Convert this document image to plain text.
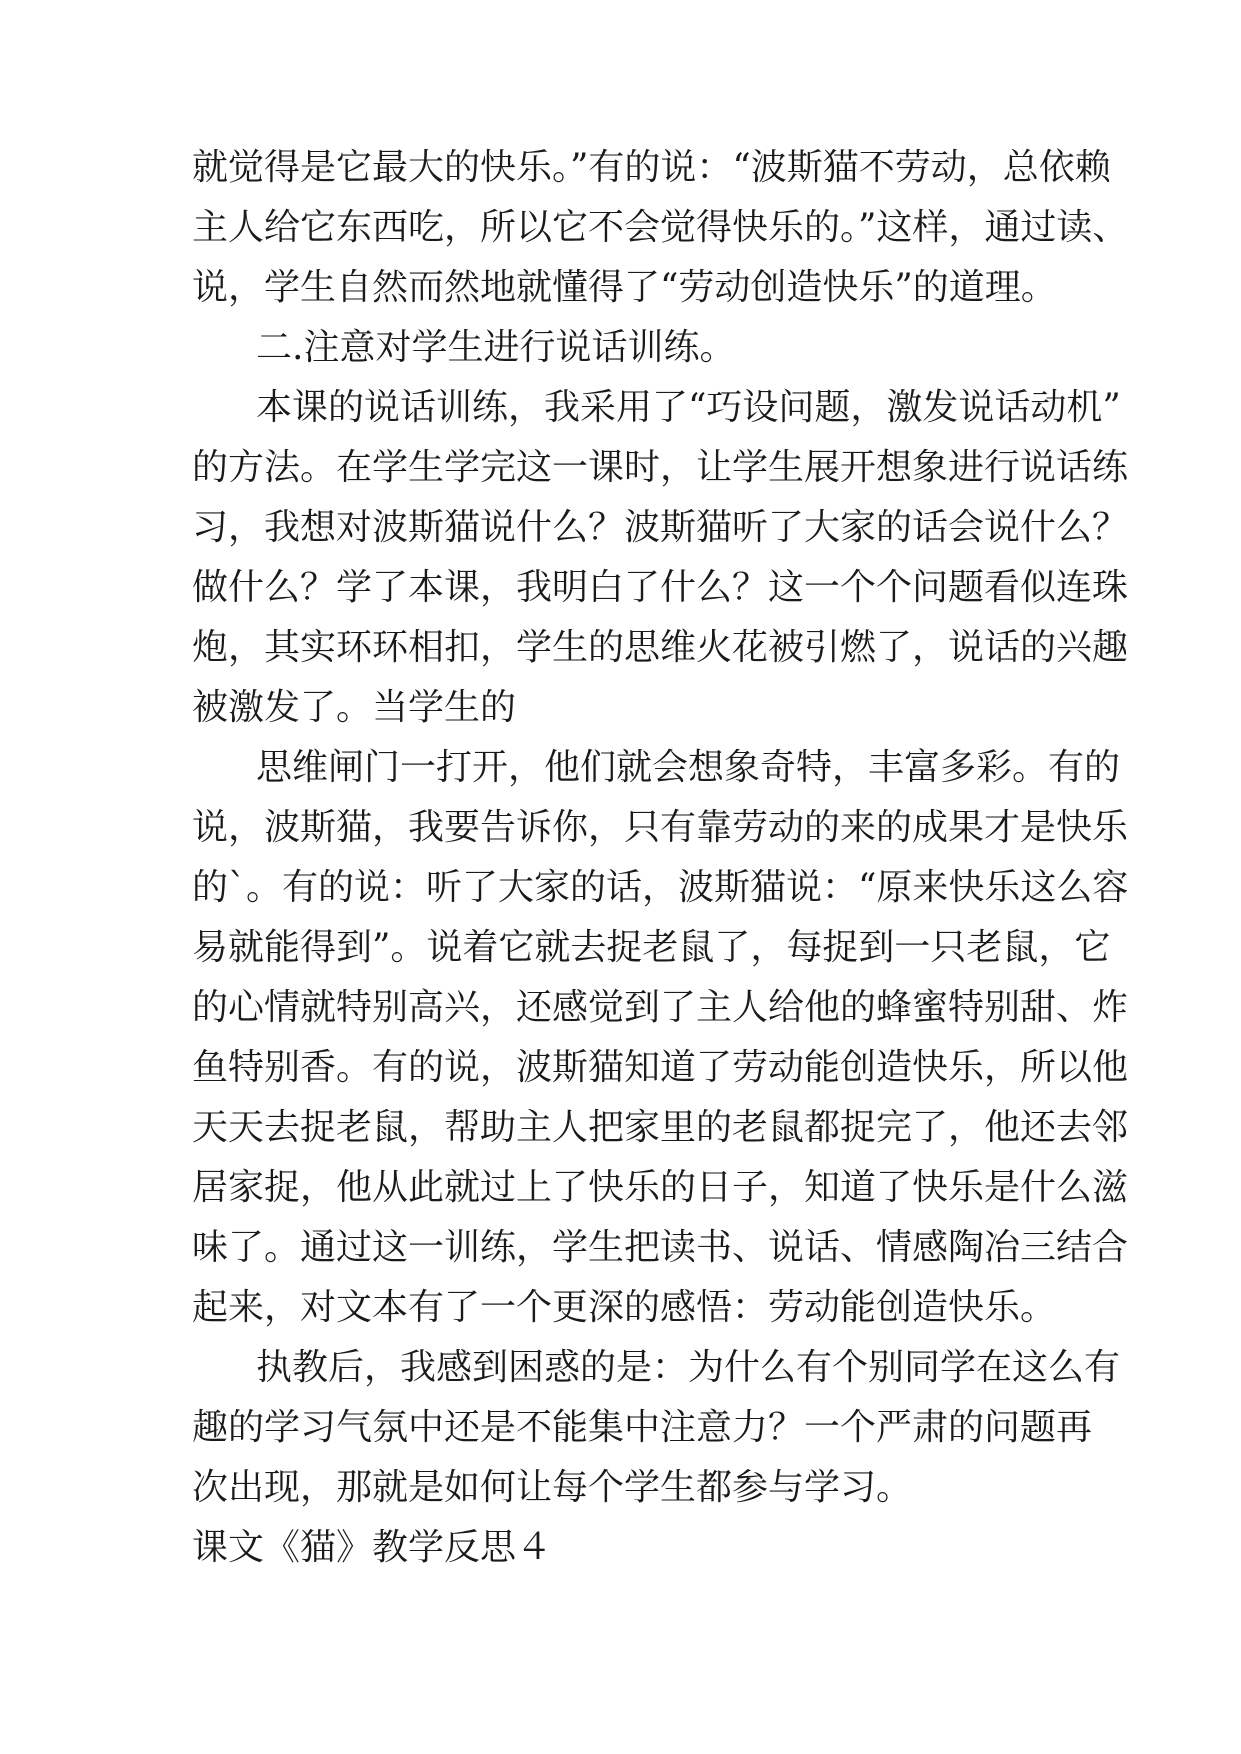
就觉得是它最大的快乐。”有的说：“波斯猫不劳动，总依赖
主人给它东西吃，所以它不会觉得快乐的。”这样，通过读、
说，学生自然而然地就懂得了“劳动创造快乐”的道理。
二.注意对学生进行说话训练。
本课的说话训练，我采用了“巧设问题，激发说话动机”
的方法。在学生学完这一课时，让学生展开想象进行说话练
习，我想对波斯猫说什么？波斯猫听了大家的话会说什么？
做什么？学了本课，我明白了什么？这一个个问题看似连珠
炮，其实环环相扣，学生的思维火花被引燃了，说话的兴趣
被激发了。当学生的
思维闸门一打开，他们就会想象奇特，丰富多彩。有的
说，波斯猫，我要告诉你，只有靠劳动的来的成果才是快乐
的`。有的说：听了大家的话，波斯猫说：“原来快乐这么容
易就能得到”。说着它就去捉老鼠了，每捉到一只老鼠，它
的心情就特别高兴，还感觉到了主人给他的蜂蜜特别甜、炸
鱼特别香。有的说，波斯猫知道了劳动能创造快乐，所以他
天天去捉老鼠，帮助主人把家里的老鼠都捉完了，他还去邻
居家捉，他从此就过上了快乐的日子，知道了快乐是什么滋
味了。通过这一训练，学生把读书、说话、情感陶冶三结合
起来，对文本有了一个更深的感悟：劳动能创造快乐。
执教后，我感到困惑的是：为什么有个别同学在这么有
趣的学习气氛中还是不能集中注意力？一个严肃的问题再
次出现，那就是如何让每个学生都参与学习。
课文《猫》教学反思４
